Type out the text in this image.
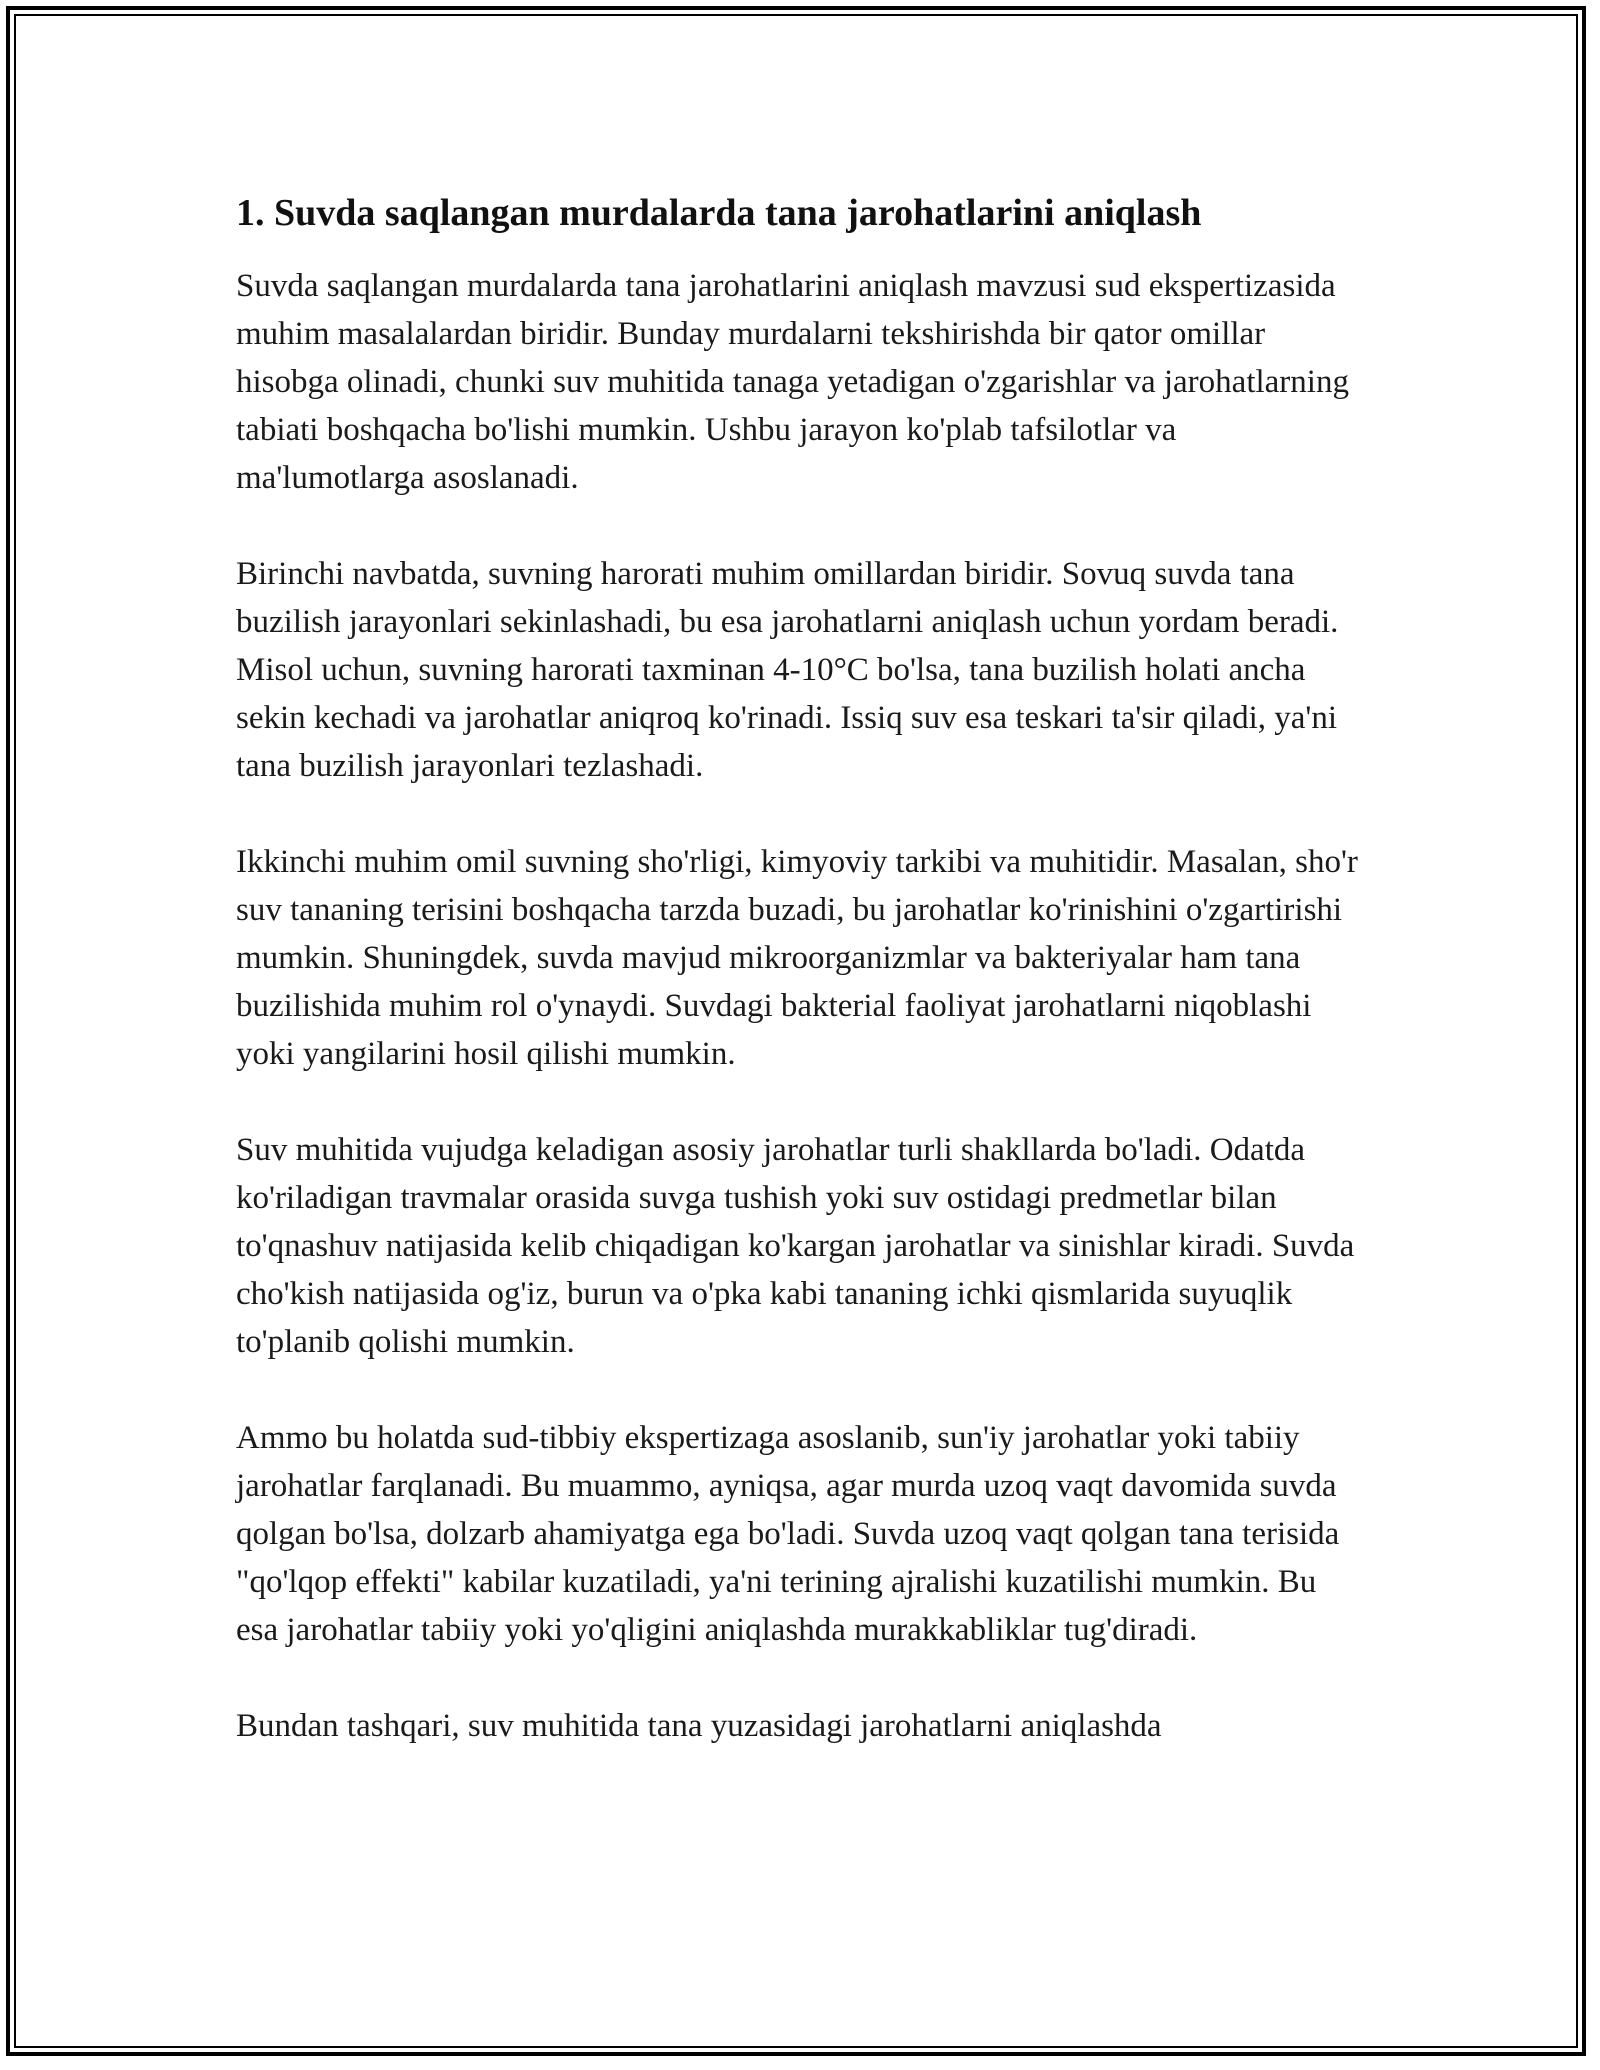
1. Suvda saqlangan murdalarda tana jarohatlarini aniqlash

Suvda saqlangan murdalarda tana jarohatlarini aniqlash mavzusi sud ekspertizasida muhim masalalardan biridir. Bunday murdalarni tekshirishda bir qator omillar hisobga olinadi, chunki suv muhitida tanaga yetadigan o'zgarishlar va jarohatlarning tabiati boshqacha bo'lishi mumkin. Ushbu jarayon ko'plab tafsilotlar va ma'lumotlarga asoslanadi.

Birinchi navbatda, suvning harorati muhim omillardan biridir. Sovuq suvda tana buzilish jarayonlari sekinlashadi, bu esa jarohatlarni aniqlash uchun yordam beradi. Misol uchun, suvning harorati taxminan 4-10°C bo'lsa, tana buzilish holati ancha sekin kechadi va jarohatlar aniqroq ko'rinadi. Issiq suv esa teskari ta'sir qiladi, ya'ni tana buzilish jarayonlari tezlashadi.

Ikkinchi muhim omil suvning sho'rligi, kimyoviy tarkibi va muhitidir. Masalan, sho'r suv tananing terisini boshqacha tarzda buzadi, bu jarohatlar ko'rinishini o'zgartirishi mumkin. Shuningdek, suvda mavjud mikroorganizmlar va bakteriyalar ham tana buzilishida muhim rol o'ynaydi. Suvdagi bakterial faoliyat jarohatlarni niqoblashi yoki yangilarini hosil qilishi mumkin.

Suv muhitida vujudga keladigan asosiy jarohatlar turli shakllarda bo'ladi. Odatda ko'riladigan travmalar orasida suvga tushish yoki suv ostidagi predmetlar bilan to'qnashuv natijasida kelib chiqadigan ko'kargan jarohatlar va sinishlar kiradi. Suvda cho'kish natijasida og'iz, burun va o'pka kabi tananing ichki qismlarida suyuqlik to'planib qolishi mumkin.

Ammo bu holatda sud-tibbiy ekspertizaga asoslanib, sun'iy jarohatlar yoki tabiiy jarohatlar farqlanadi. Bu muammo, ayniqsa, agar murda uzoq vaqt davomida suvda qolgan bo'lsa, dolzarb ahamiyatga ega bo'ladi. Suvda uzoq vaqt qolgan tana terisida "qo'lqop effekti" kabilar kuzatiladi, ya'ni terining ajralishi kuzatilishi mumkin. Bu esa jarohatlar tabiiy yoki yo'qligini aniqlashda murakkabliklar tug'diradi.

Bundan tashqari, suv muhitida tana yuzasidagi jarohatlarni aniqlashda
